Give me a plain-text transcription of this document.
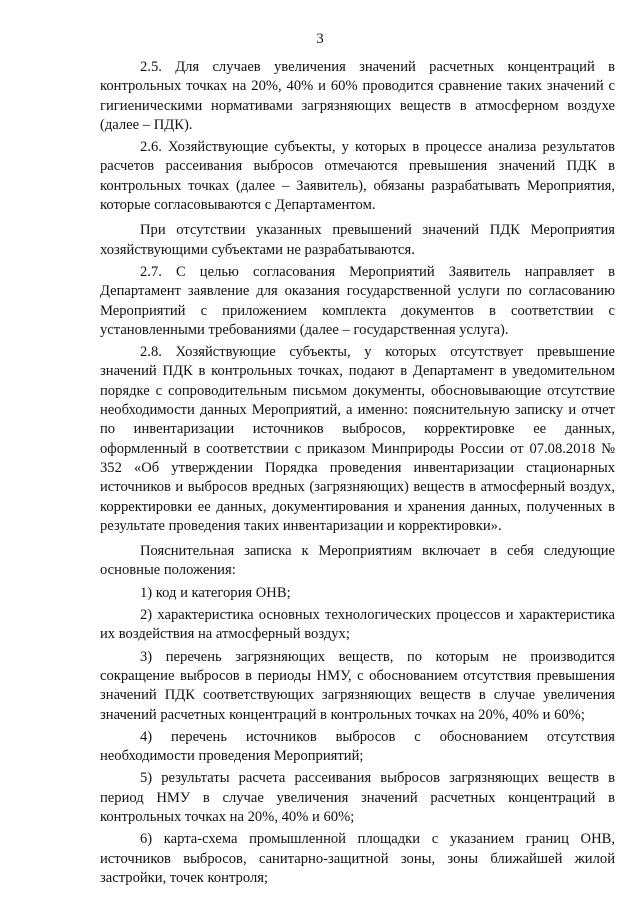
3

2.5. Для случаев увеличения значений расчетных концентраций в контрольных точках на 20%, 40% и 60% проводится сравнение таких значений с гигиеническими нормативами загрязняющих веществ в атмосферном воздухе (далее – ПДК).

2.6. Хозяйствующие субъекты, у которых в процессе анализа результатов расчетов рассеивания выбросов отмечаются превышения значений ПДК в контрольных точках (далее – Заявитель), обязаны разрабатывать Мероприятия, которые согласовываются с Департаментом.

При отсутствии указанных превышений значений ПДК Мероприятия хозяйствующими субъектами не разрабатываются.

2.7. С целью согласования Мероприятий Заявитель направляет в Департамент заявление для оказания государственной услуги по согласованию Мероприятий с приложением комплекта документов в соответствии с установленными требованиями (далее – государственная услуга).

2.8. Хозяйствующие субъекты, у которых отсутствует превышение значений ПДК в контрольных точках, подают в Департамент в уведомительном порядке с сопроводительным письмом документы, обосновывающие отсутствие необходимости данных Мероприятий, а именно: пояснительную записку и отчет по инвентаризации источников выбросов, корректировке ее данных, оформленный в соответствии с приказом Минприроды России от 07.08.2018 № 352 «Об утверждении Порядка проведения инвентаризации стационарных источников и выбросов вредных (загрязняющих) веществ в атмосферный воздух, корректировки ее данных, документирования и хранения данных, полученных в результате проведения таких инвентаризации и корректировки».

Пояснительная записка к Мероприятиям включает в себя следующие основные положения:

1) код и категория ОНВ;

2) характеристика основных технологических процессов и характеристика их воздействия на атмосферный воздух;

3) перечень загрязняющих веществ, по которым не производится сокращение выбросов в периоды НМУ, с обоснованием отсутствия превышения значений ПДК соответствующих загрязняющих веществ в случае увеличения значений расчетных концентраций в контрольных точках на 20%, 40% и 60%;

4) перечень источников выбросов с обоснованием отсутствия необходимости проведения Мероприятий;

5) результаты расчета рассеивания выбросов загрязняющих веществ в период НМУ в случае увеличения значений расчетных концентраций в контрольных точках на 20%, 40% и 60%;

6) карта-схема промышленной площадки с указанием границ ОНВ, источников выбросов, санитарно-защитной зоны, зоны ближайшей жилой застройки, точек контроля;
